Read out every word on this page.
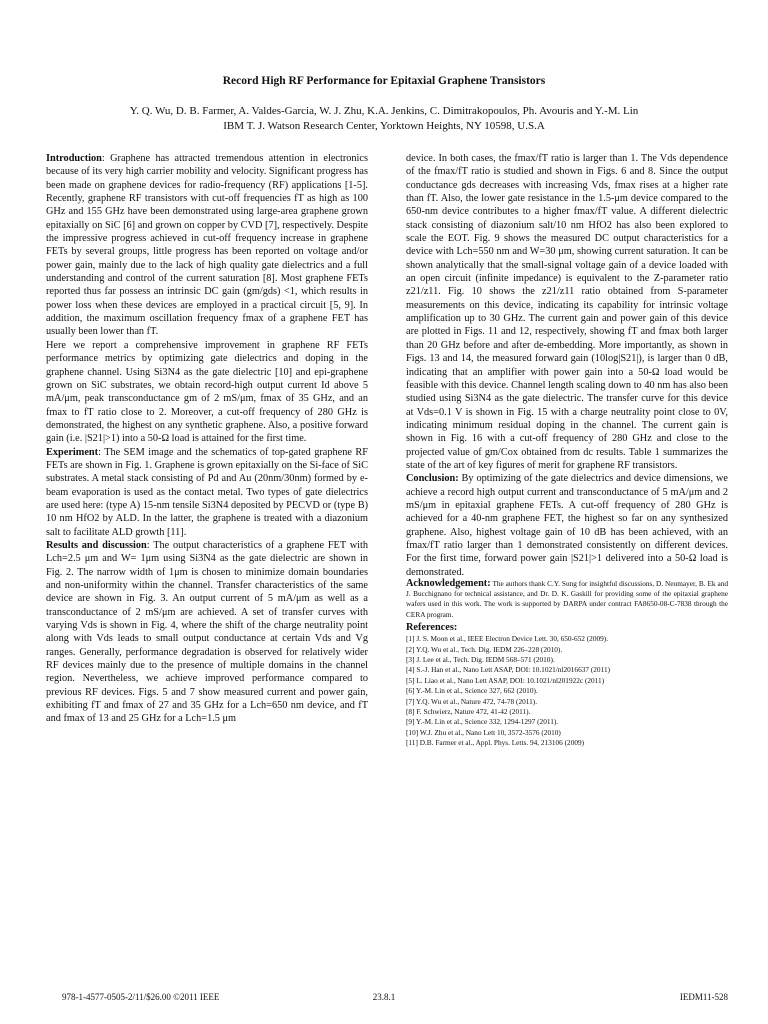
Record High RF Performance for Epitaxial Graphene Transistors
Y. Q. Wu, D. B. Farmer, A. Valdes-Garcia, W. J. Zhu, K.A. Jenkins, C. Dimitrakopoulos, Ph. Avouris and Y.-M. Lin
IBM T. J. Watson Research Center, Yorktown Heights, NY 10598, U.S.A

Introduction: Graphene has attracted tremendous attention in electronics because of its very high carrier mobility and velocity. Significant progress has been made on graphene devices for radio-frequency (RF) applications [1-5]. Recently, graphene RF transistors with cut-off frequencies fT as high as 100 GHz and 155 GHz have been demonstrated using large-area graphene grown epitaxially on SiC [6] and grown on copper by CVD [7], respectively. Despite the impressive progress achieved in cut-off frequency increase in graphene FETs by several groups, little progress has been reported on voltage and/or power gain, mainly due to the lack of high quality gate dielectrics and a full understanding and control of the current saturation [8]. Most graphene FETs reported thus far possess an intrinsic DC gain (gm/gds) <1, which results in power loss when these devices are employed in a practical circuit [5, 9]. In addition, the maximum oscillation frequency fmax of a graphene FET has usually been lower than fT.

Here we report a comprehensive improvement in graphene RF FETs performance metrics by optimizing gate dielectrics and doping in the graphene channel. Using Si3N4 as the gate dielectric [10] and epi-graphene grown on SiC substrates, we obtain record-high output current Id above 5 mA/μm, peak transconductance gm of 2 mS/μm, fmax of 35 GHz, and an fmax to fT ratio close to 2. Moreover, a cut-off frequency of 280 GHz is demonstrated, the highest on any synthetic graphene. Also, a positive forward gain (i.e. |S21|>1) into a 50-Ω load is attained for the first time.

Experiment: The SEM image and the schematics of top-gated graphene RF FETs are shown in Fig. 1. Graphene is grown epitaxially on the Si-face of SiC substrates. A metal stack consisting of Pd and Au (20nm/30nm) formed by e-beam evaporation is used as the contact metal. Two types of gate dielectrics are used here: (type A) 15-nm tensile Si3N4 deposited by PECVD or (type B) 10 nm HfO2 by ALD. In the latter, the graphene is treated with a diazonium salt to facilitate ALD growth [11].

Results and discussion: The output characteristics of a graphene FET with Lch=2.5 μm and W= 1μm using Si3N4 as the gate dielectric are shown in Fig. 2. The narrow width of 1μm is chosen to minimize domain boundaries and non-uniformity within the channel. Transfer characteristics of the same device are shown in Fig. 3. An output current of 5 mA/μm as well as a transconductance of 2 mS/μm are achieved. A set of transfer curves with varying Vds is shown in Fig. 4, where the shift of the charge neutrality point along with Vds leads to small output conductance at certain Vds and Vg ranges. Generally, performance degradation is observed for relatively wider RF devices mainly due to the presence of multiple domains in the channel region. Nevertheless, we achieve improved performance compared to previous RF devices. Figs. 5 and 7 show measured current and power gain, exhibiting fT and fmax of 27 and 35 GHz for a Lch=650 nm device, and fT and fmax of 13 and 25 GHz for a Lch=1.5 μm

device. In both cases, the fmax/fT ratio is larger than 1. The Vds dependence of the fmax/fT ratio is studied and shown in Figs. 6 and 8. Since the output conductance gds decreases with increasing Vds, fmax rises at a higher rate than fT. Also, the lower gate resistance in the 1.5-μm device compared to the 650-nm device contributes to a higher fmax/fT value. A different dielectric stack consisting of diazonium salt/10 nm HfO2 has also been explored to scale the EOT. Fig. 9 shows the measured DC output characteristics for a device with Lch=550 nm and W=30 μm, showing current saturation. It can be shown analytically that the small-signal voltage gain of a device loaded with an open circuit (infinite impedance) is equivalent to the Z-parameter ratio z21/z11. Fig. 10 shows the z21/z11 ratio obtained from S-parameter measurements on this device, indicating its capability for intrinsic voltage amplification up to 30 GHz. The current gain and power gain of this device are plotted in Figs. 11 and 12, respectively, showing fT and fmax both larger than 20 GHz before and after de-embedding. More importantly, as shown in Figs. 13 and 14, the measured forward gain (10log|S21|), is larger than 0 dB, indicating that an amplifier with power gain into a 50-Ω load would be feasible with this device. Channel length scaling down to 40 nm has also been studied using Si3N4 as the gate dielectric. The transfer curve for this device at Vds=0.1 V is shown in Fig. 15 with a charge neutrality point close to 0V, indicating minimum residual doping in the channel. The current gain is shown in Fig. 16 with a cut-off frequency of 280 GHz and close to the projected value of gm/Cox obtained from dc results. Table 1 summarizes the state of the art of key figures of merit for graphene RF transistors.

Conclusion: By optimizing of the gate dielectrics and device dimensions, we achieve a record high output current and transconductance of 5 mA/μm and 2 mS/μm in epitaxial graphene FETs. A cut-off frequency of 280 GHz is achieved for a 40-nm graphene FET, the highest so far on any synthesized graphene. Also, highest voltage gain of 10 dB has been achieved, with an fmax/fT ratio larger than 1 demonstrated consistently on different devices. For the first time, forward power gain |S21|>1 delivered into a 50-Ω load is demonstrated.

Acknowledgement: The authors thank C.Y. Sung for insightful discussions, D. Neumayer, B. Ek and J. Bucchignano for technical assistance, and Dr. D. K. Gaskill for providing some of the epitaxial graphene wafers used in this work. The work is supported by DARPA under contract FA8650-08-C-7838 through the CERA program.

References:
[1] J. S. Moon et al., IEEE Electron Device Lett. 30, 650-652 (2009).
[2] Y.Q. Wu et al., Tech. Dig. IEDM 226–228 (2010).
[3] J. Lee et al., Tech. Dig. IEDM 568–571 (2010).
[4] S.-J. Han et al., Nano Lett ASAP, DOI: 10.1021/nl2016637 (2011)
[5] L. Liao et al., Nano Lett ASAP, DOI: 10.1021/nl201922c (2011)
[6] Y.-M. Lin et al., Science 327, 662 (2010).
[7] Y.Q. Wu et al., Nature 472, 74-78 (2011).
[8] F. Schwierz, Nature 472, 41-42 (2011).
[9] Y.-M. Lin et al., Science 332, 1294-1297 (2011).
[10] W.J. Zhu et al., Nano Lett 10, 3572-3576 (2010)
[11] D.B. Farmer et al., Appl. Phys. Letts. 94, 213106 (2009)
978-1-4577-0505-2/11/$26.00 ©2011 IEEE	23.8.1	IEDM11-528
